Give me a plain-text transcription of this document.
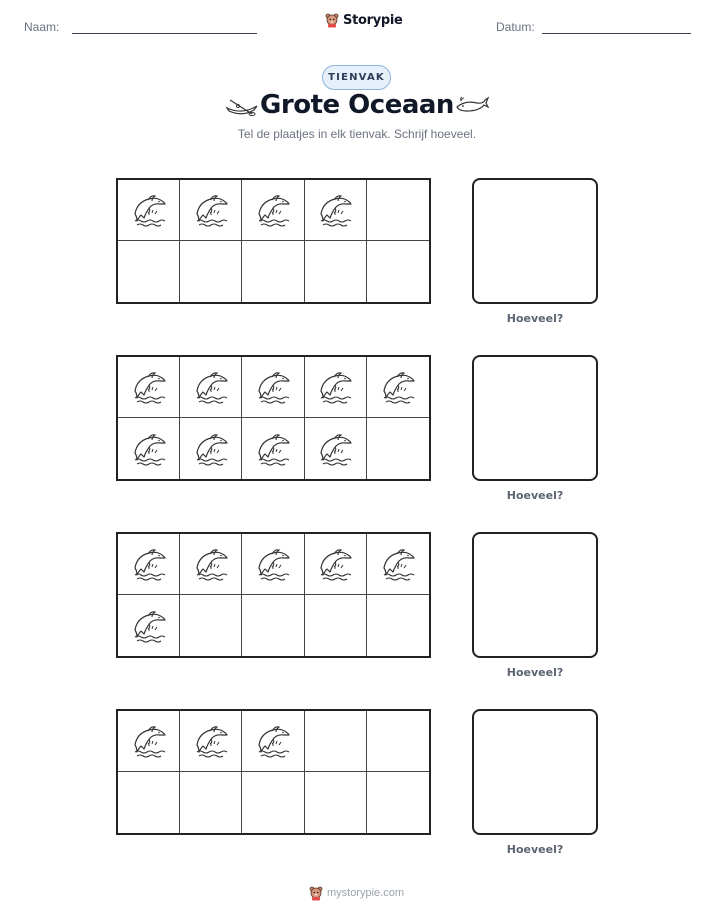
Naam:	Storypie	Datum:
TIENVAK
Grote Oceaan
Tel de plaatjes in elk tienvak. Schrijf hoeveel.
Hoeveel?
Hoeveel?
Hoeveel?
Hoeveel?
mystorypie.com
